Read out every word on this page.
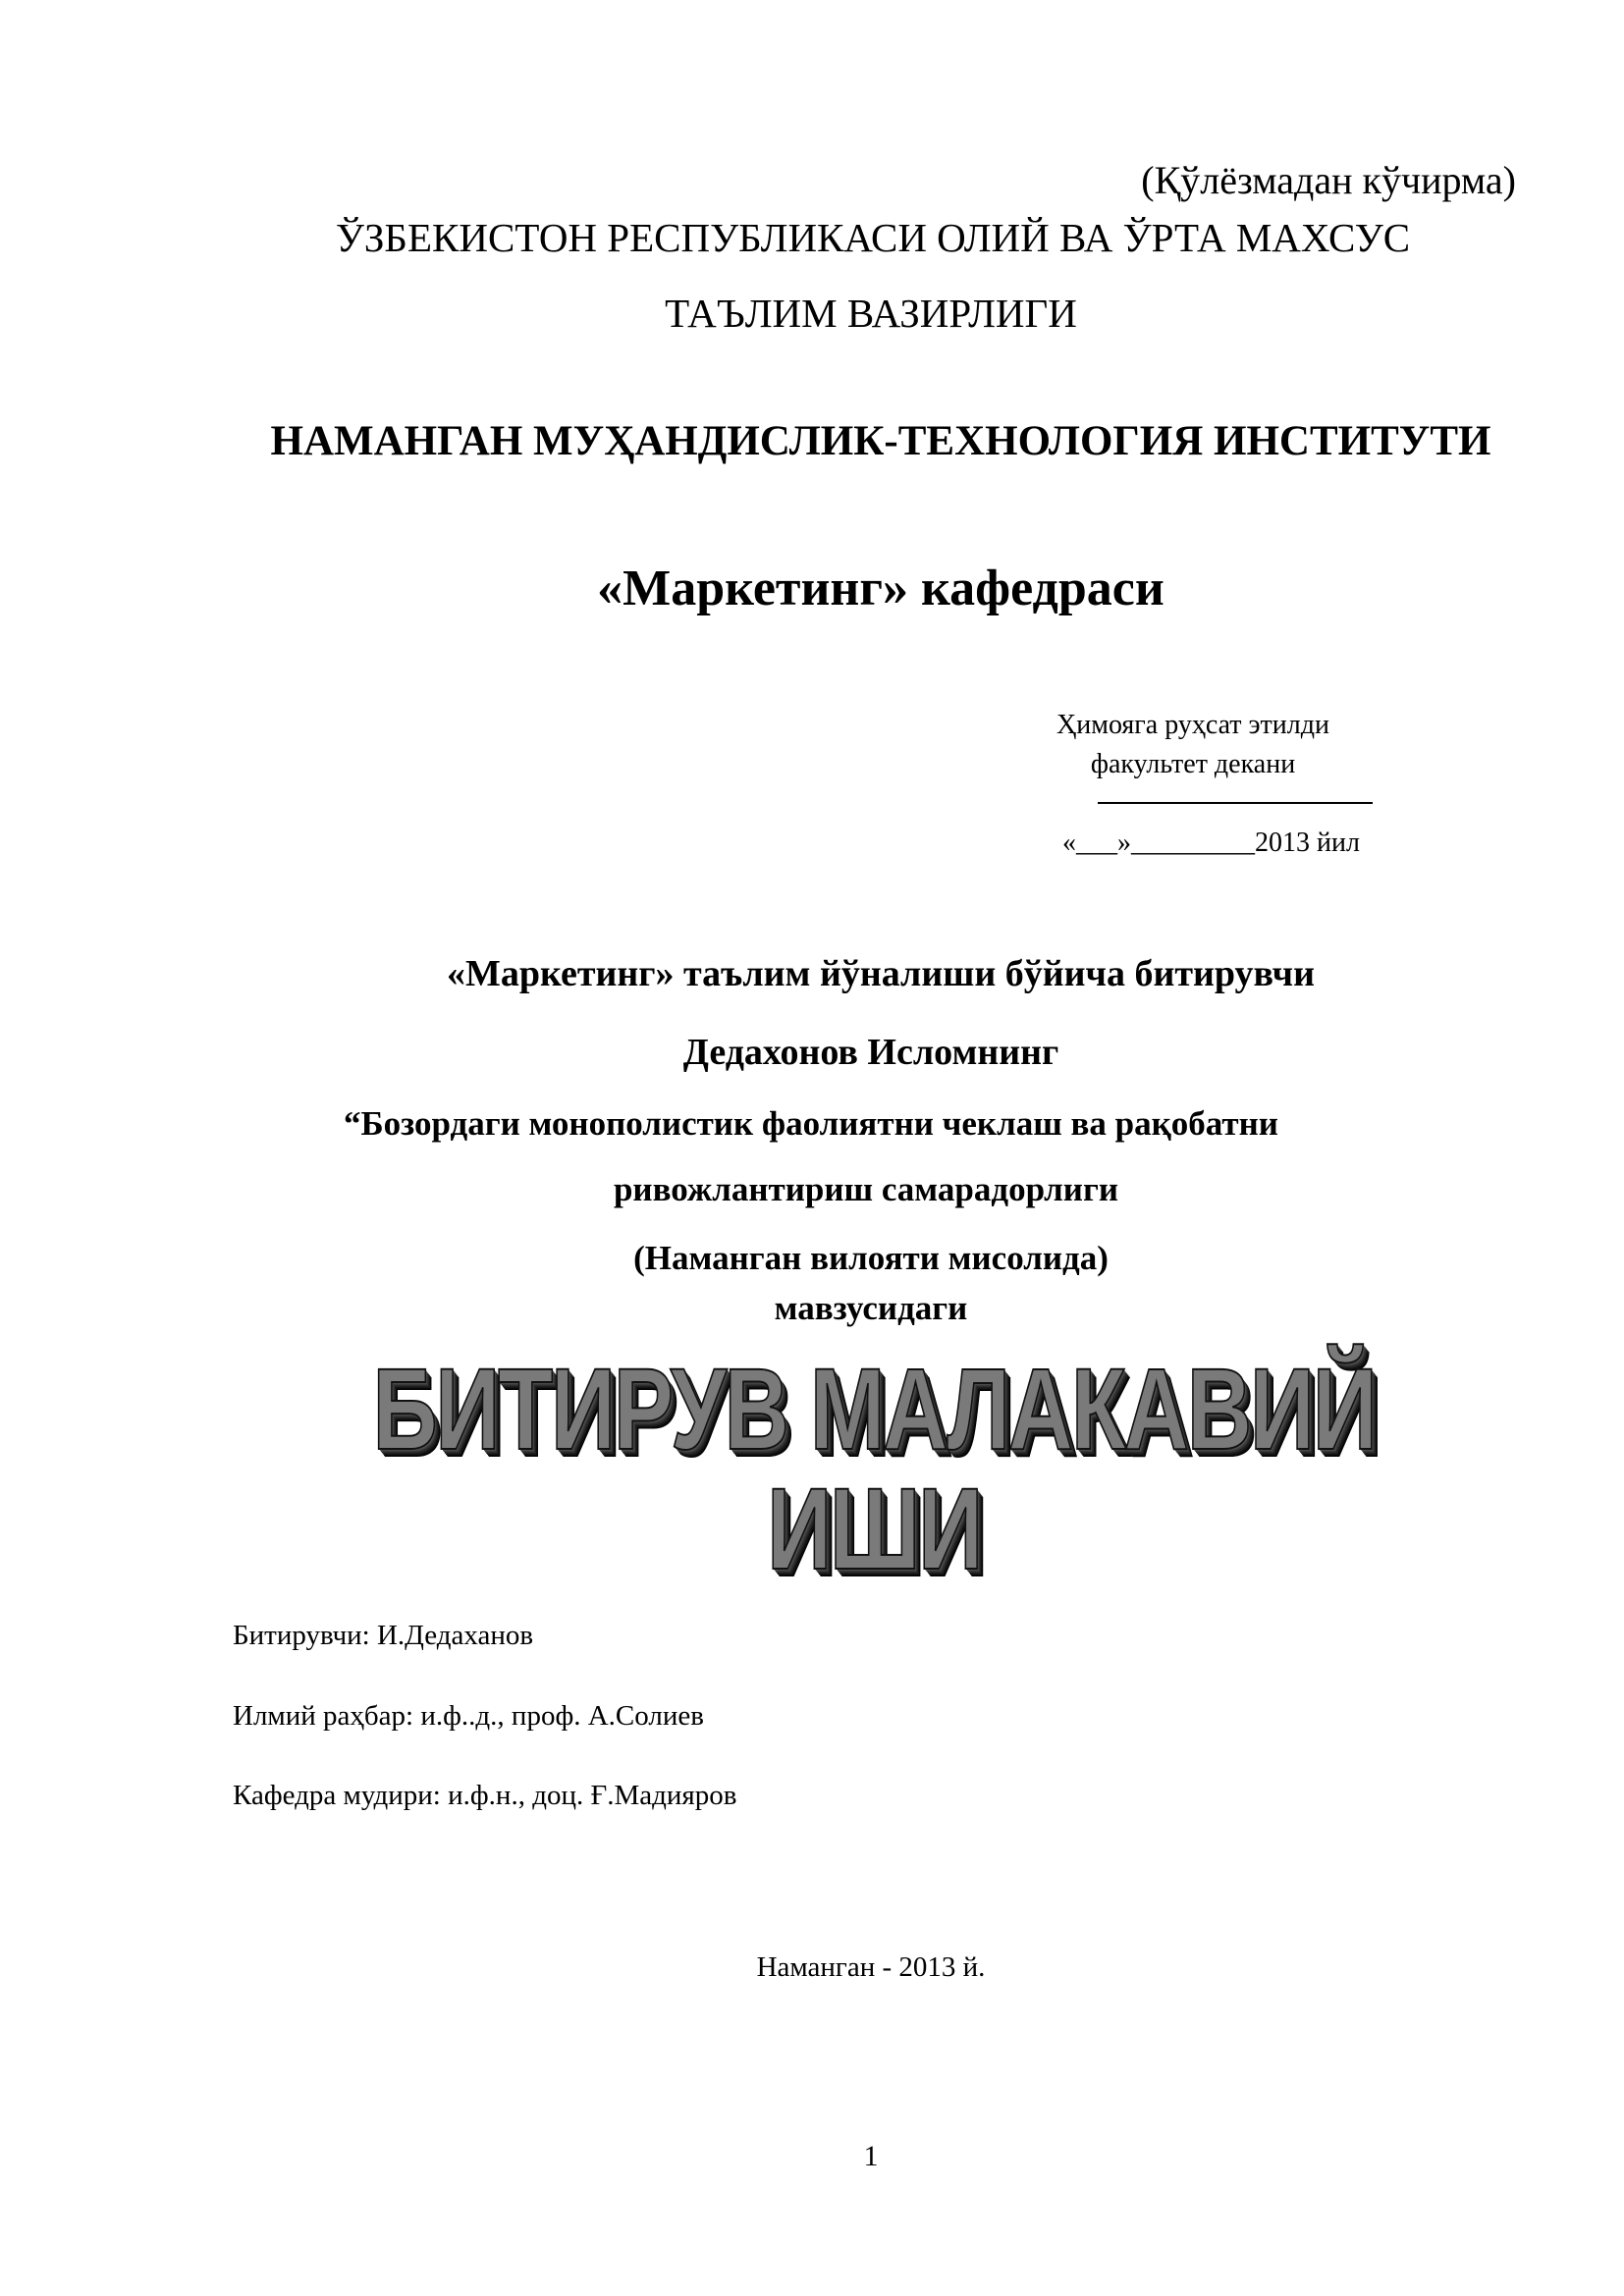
(Қўлёзмадан кўчирма)
ЎЗБЕКИСТОН РЕСПУБЛИКАСИ ОЛИЙ ВА ЎРТА МАХСУС
ТАЪЛИМ ВАЗИРЛИГИ
НАМАНГАН МУҲАНДИСЛИК-ТЕХНОЛОГИЯ ИНСТИТУТИ
«Маркетинг» кафедраси
Ҳимояга руҳсат этилди
факультет декани
«___»_________2013 йил
«Маркетинг» таълим йўналиши бўйича битирувчи
Дедахонов Исломнинг
“Бозордаги монополистик фаолиятни чеклаш ва рақобатни
ривожлантириш самарадорлиги
(Наманган вилояти мисолида)
мавзусидаги
БИТИРУВ МАЛАКАВИЙ
ИШИ
Битирувчи: И.Дедаханов
Илмий раҳбар: и.ф..д., проф. А.Солиев
Кафедра мудири: и.ф.н., доц. Ғ.Мадияров
Наманган - 2013 й.
1
